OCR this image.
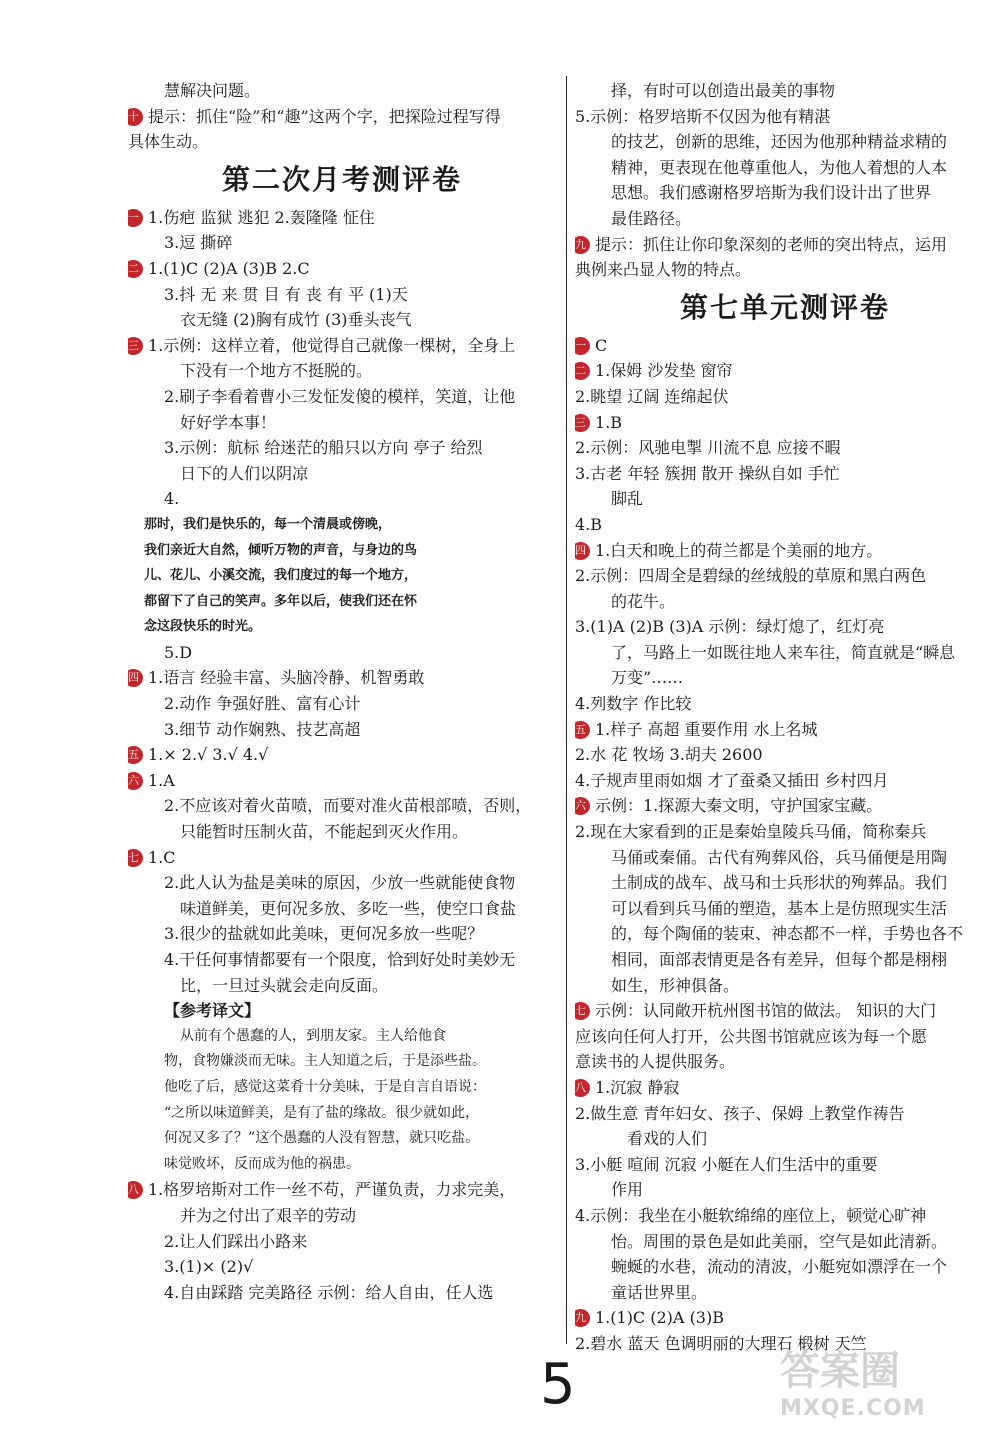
慧解决问题。
十 提示：抓住“险”和“趣”这两个字，把探险过程写得
具体生动。
第二次月考测评卷
一 1.伤疤 监狱 逃犯 2.轰隆隆 怔住
3.逗 撕碎
二 1.(1)C (2)A (3)B 2.C
3.抖 无 来 贯 目 有 丧 有 平 (1)天
衣无缝 (2)胸有成竹 (3)垂头丧气
三 1.示例：这样立着，他觉得自己就像一棵树，全身上
下没有一个地方不挺脱的。
2.刷子李看着曹小三发怔发傻的模样，笑道，让他
好好学本事！
3.示例：航标 给迷茫的船只以方向 亭子 给烈
日下的人们以阴凉
4.
那时，我们是快乐的，每一个清晨或傍晚，
我们亲近大自然，倾听万物的声音，与身边的鸟
儿、花儿、小溪交流，我们度过的每一个地方，
都留下了自己的笑声。多年以后，使我们还在怀
念这段快乐的时光。
5.D
四 1.语言 经验丰富、头脑冷静、机智勇敢
2.动作 争强好胜、富有心计
3.细节 动作娴熟、技艺高超
五 1.× 2.√ 3.√ 4.√
六 1.A
2.不应该对着火苗喷，而要对准火苗根部喷，否则，
只能暂时压制火苗，不能起到灭火作用。
七 1.C
2.此人认为盐是美味的原因，少放一些就能使食物
味道鲜美，更何况多放、多吃一些，使空口食盐
3.很少的盐就如此美味，更何况多放一些呢？
4.干任何事情都要有一个限度，恰到好处时美妙无
比，一旦过头就会走向反面。
【参考译文】
从前有个愚蠢的人，到朋友家。主人给他食
物，食物嫌淡而无味。主人知道之后，于是添些盐。
他吃了后，感觉这菜肴十分美味，于是自言自语说：
“之所以味道鲜美，是有了盐的缘故。很少就如此，
何况又多了？”这个愚蠢的人没有智慧，就只吃盐。
味觉败坏，反而成为他的祸患。
八 1.格罗培斯对工作一丝不苟，严谨负责，力求完美，
并为之付出了艰辛的劳动
2.让人们踩出小路来
3.(1)× (2)√
4.自由踩踏 完美路径 示例：给人自由，任人选
择，有时可以创造出最美的事物
5.示例：格罗培斯不仅因为他有精湛
的技艺，创新的思维，还因为他那种精益求精的
精神，更表现在他尊重他人，为他人着想的人本
思想。我们感谢格罗培斯为我们设计出了世界
最佳路径。
九 提示：抓住让你印象深刻的老师的突出特点，运用
典例来凸显人物的特点。
第七单元测评卷
一 C
二 1.保姆 沙发垫 窗帘
2.眺望 辽阔 连绵起伏
三 1.B
2.示例：风驰电掣 川流不息 应接不暇
3.古老 年轻 簇拥 散开 操纵自如 手忙
脚乱
4.B
四 1.白天和晚上的荷兰都是个美丽的地方。
2.示例：四周全是碧绿的丝绒般的草原和黑白两色
的花牛。
3.(1)A (2)B (3)A 示例：绿灯熄了，红灯亮
了，马路上一如既往地人来车往，简直就是“瞬息
万变”……
4.列数字 作比较
五 1.样子 高超 重要作用 水上名城
2.水 花 牧场 3.胡夫 2600
4.子规声里雨如烟 才了蚕桑又插田 乡村四月
六 示例：1.探源大秦文明，守护国家宝藏。
2.现在大家看到的正是秦始皇陵兵马俑，简称秦兵
马俑或秦俑。古代有殉葬风俗，兵马俑便是用陶
土制成的战车、战马和士兵形状的殉葬品。我们
可以看到兵马俑的塑造，基本上是仿照现实生活
的，每个陶俑的装束、神态都不一样，手势也各不
相同，面部表情更是各有差异，但每个都是栩栩
如生，形神俱备。
七 示例：认同敞开杭州图书馆的做法。 知识的大门
应该向任何人打开，公共图书馆就应该为每一个愿
意读书的人提供服务。
八 1.沉寂 静寂
2.做生意 青年妇女、孩子、保姆 上教堂作祷告
看戏的人们
3.小艇 喧闹 沉寂 小艇在人们生活中的重要
作用
4.示例：我坐在小艇软绵绵的座位上，顿觉心旷神
怡。周围的景色是如此美丽，空气是如此清新。
蜿蜒的水巷，流动的清波，小艇宛如漂浮在一个
童话世界里。
九 1.(1)C (2)A (3)B
2.碧水 蓝天 色调明丽的大理石 椴树 天竺
5	答案圈
MXQE.COM
